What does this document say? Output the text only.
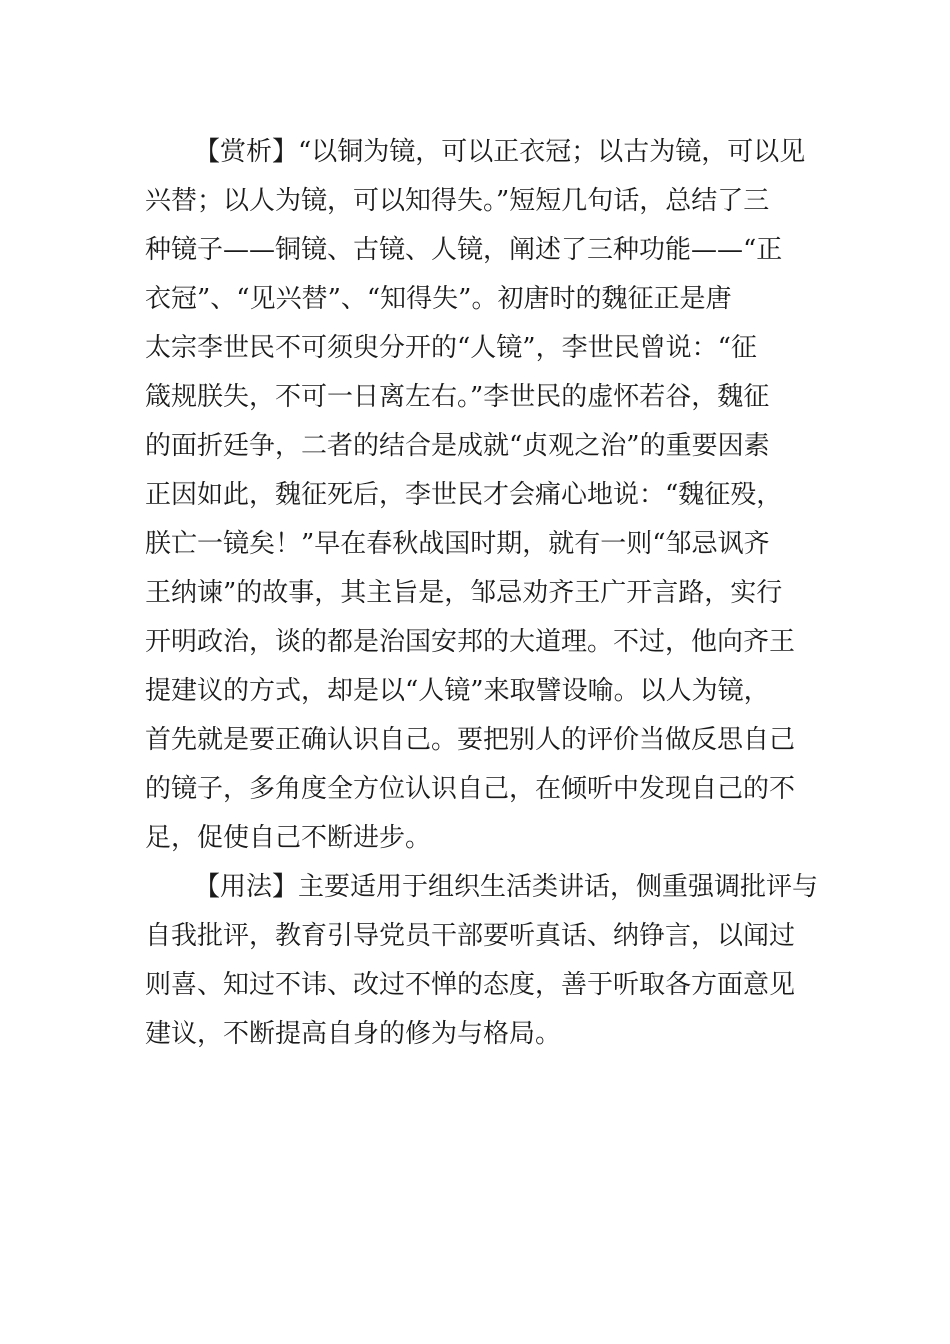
【赏析】“以铜为镜，可以正衣冠；以古为镜，可以见
兴替；以人为镜，可以知得失。”短短几句话，总结了三
种镜子——铜镜、古镜、人镜，阐述了三种功能——“正
衣冠”、“见兴替”、“知得失”。初唐时的魏征正是唐
太宗李世民不可须臾分开的“人镜”，李世民曾说：“征
箴规朕失，不可一日离左右。”李世民的虚怀若谷，魏征
的面折廷争，二者的结合是成就“贞观之治”的重要因素
正因如此，魏征死后，李世民才会痛心地说：“魏征殁，
朕亡一镜矣！”早在春秋战国时期，就有一则“邹忌讽齐
王纳谏”的故事，其主旨是，邹忌劝齐王广开言路，实行
开明政治，谈的都是治国安邦的大道理。不过，他向齐王
提建议的方式，却是以“人镜”来取譬设喻。以人为镜，
首先就是要正确认识自己。要把别人的评价当做反思自己
的镜子，多角度全方位认识自己，在倾听中发现自己的不
足，促使自己不断进步。
【用法】主要适用于组织生活类讲话，侧重强调批评与
自我批评，教育引导党员干部要听真话、纳铮言，以闻过
则喜、知过不讳、改过不惮的态度，善于听取各方面意见
建议，不断提高自身的修为与格局。
